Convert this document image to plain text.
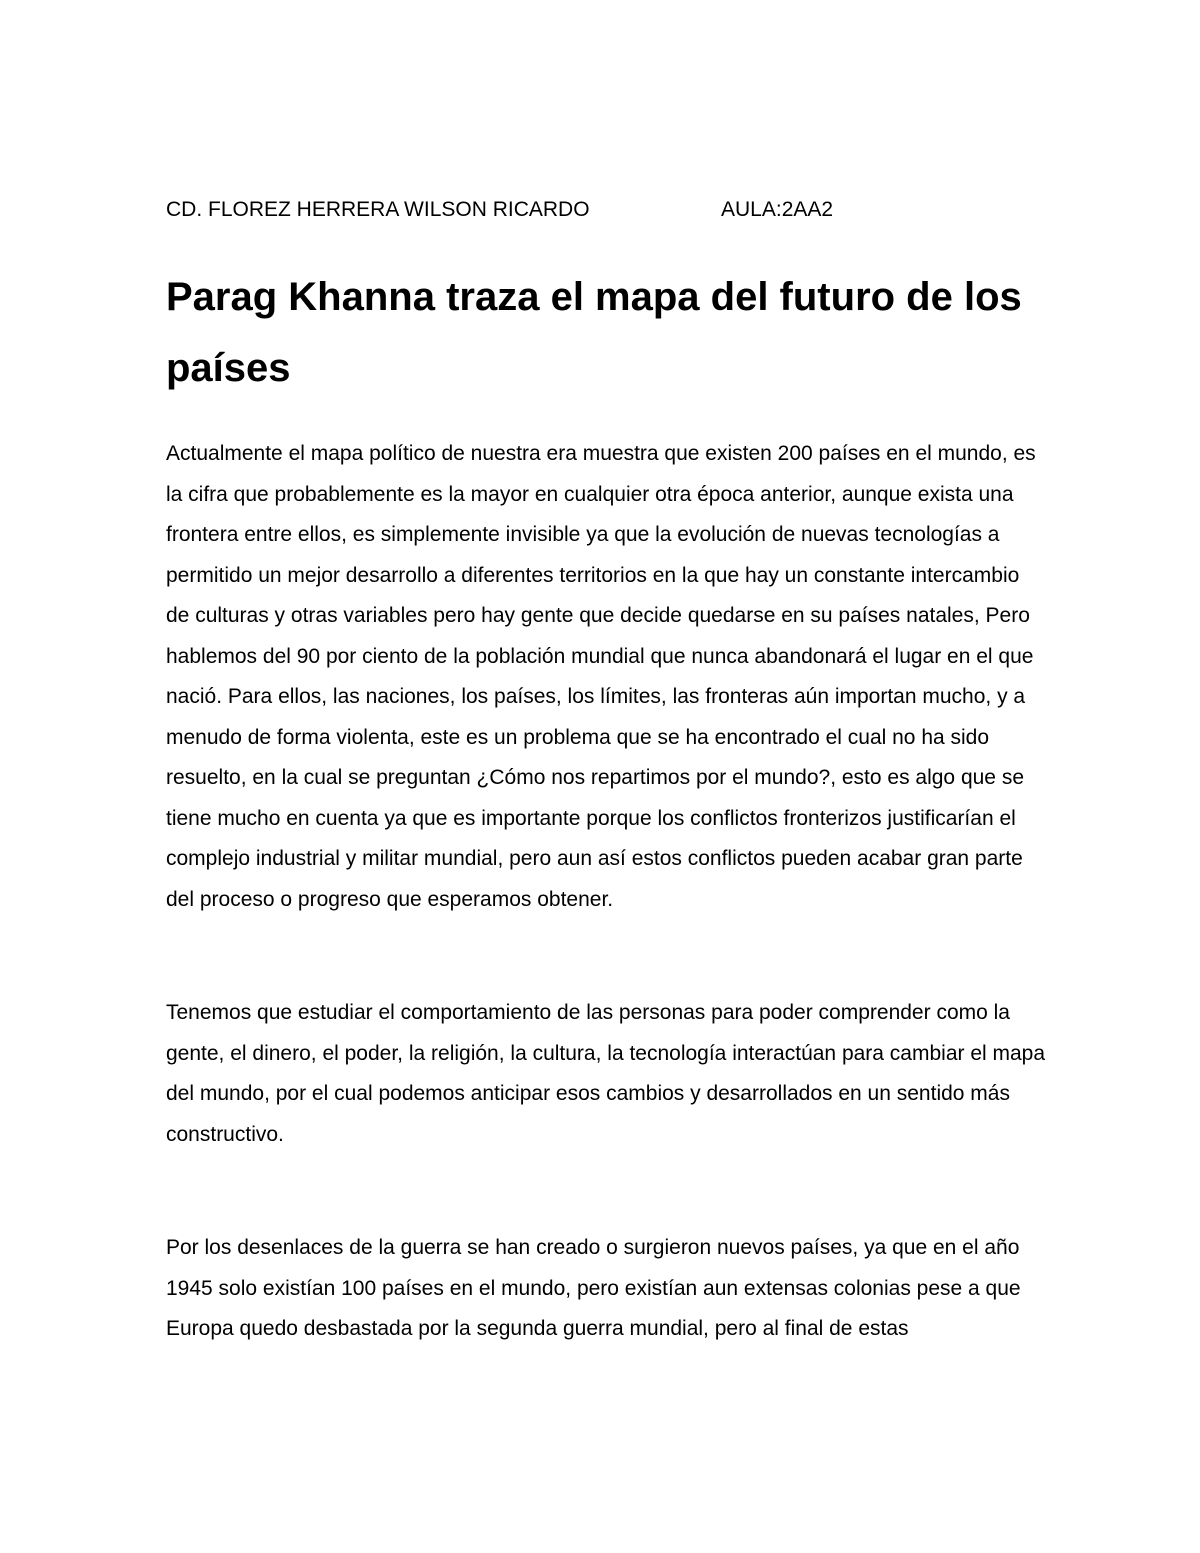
CD. FLOREZ HERRERA WILSON RICARDO	AULA:2AA2
Parag Khanna traza el mapa del futuro de los países

Actualmente el mapa político de nuestra era muestra que existen 200 países en el mundo, es la cifra que probablemente es la mayor en cualquier otra época anterior, aunque exista una frontera entre ellos, es simplemente invisible ya que la evolución de nuevas tecnologías a permitido un mejor desarrollo a diferentes territorios en la que hay un constante intercambio de culturas y otras variables pero hay gente que decide quedarse en su países natales, Pero hablemos del 90 por ciento de la población mundial que nunca abandonará el lugar en el que nació. Para ellos, las naciones, los países, los límites, las fronteras aún importan mucho, y a menudo de forma violenta, este es un problema que se ha encontrado el cual no ha sido resuelto, en la cual se preguntan ¿Cómo nos repartimos por el mundo?, esto es algo que se tiene mucho en cuenta ya que es importante porque los conflictos fronterizos justificarían el complejo industrial y militar mundial, pero aun así estos conflictos pueden acabar gran parte del proceso o progreso que esperamos obtener.

Tenemos que estudiar el comportamiento de las personas para poder comprender como la gente, el dinero, el poder, la religión, la cultura, la tecnología interactúan para cambiar el mapa del mundo, por el cual podemos anticipar esos cambios y desarrollados en un sentido más constructivo.

Por los desenlaces de la guerra se han creado o surgieron nuevos países, ya que en el año 1945 solo existían 100 países en el mundo, pero existían aun extensas colonias pese a que Europa quedo desbastada por la segunda guerra mundial, pero al final de estas
